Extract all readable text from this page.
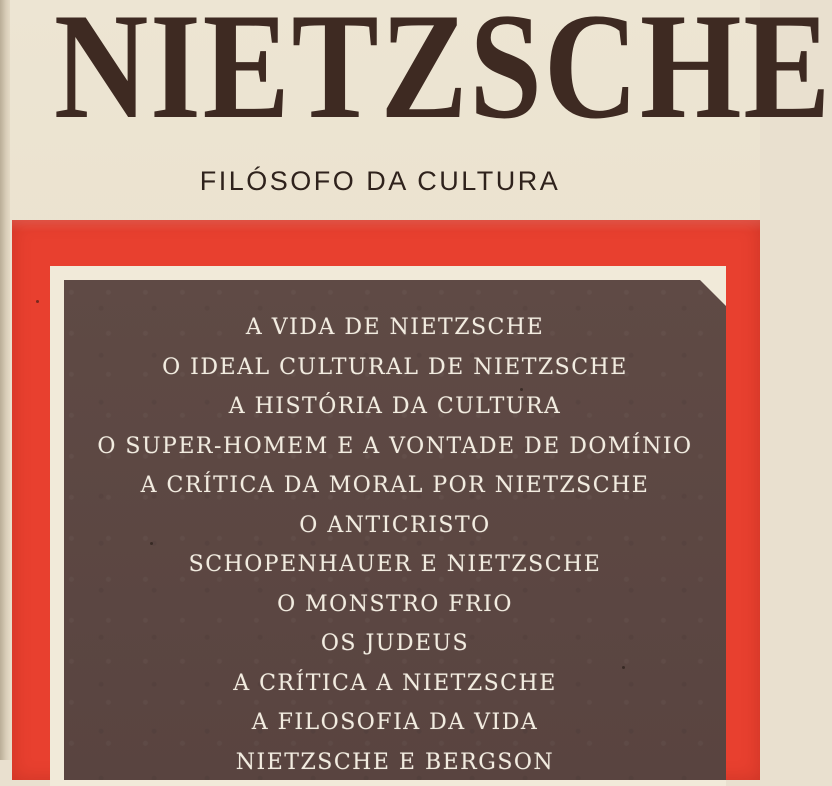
NIETZSCHE
FILÓSOFO DA CULTURA
A VIDA DE NIETZSCHE
O IDEAL CULTURAL DE NIETZSCHE
A HISTÓRIA DA CULTURA
O SUPER-HOMEM E A VONTADE DE DOMÍNIO
A CRÍTICA DA MORAL POR NIETZSCHE
O ANTICRISTO
SCHOPENHAUER E NIETZSCHE
O MONSTRO FRIO
OS JUDEUS
A CRÍTICA A NIETZSCHE
A FILOSOFIA DA VIDA
NIETZSCHE E BERGSON
